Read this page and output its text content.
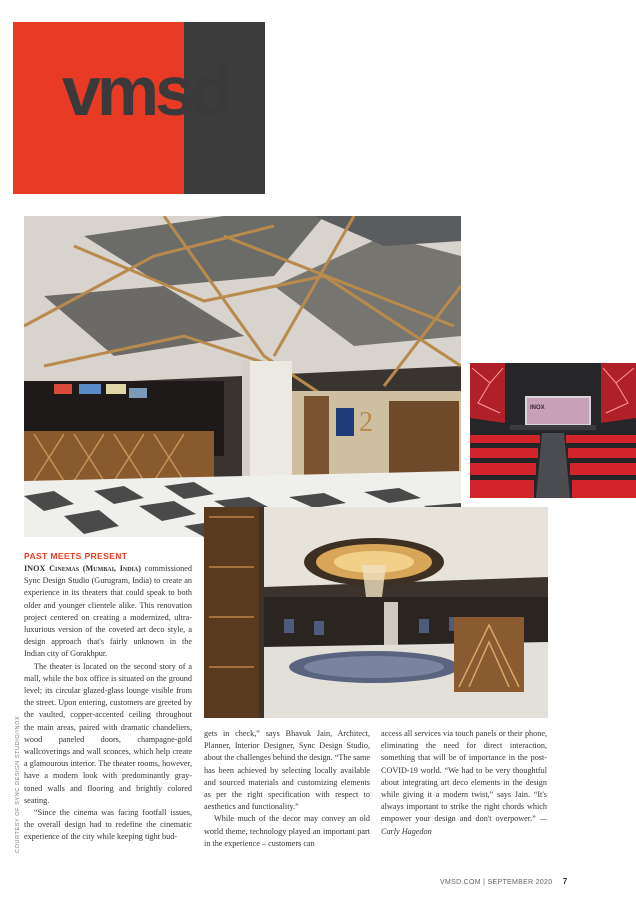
vmsd
2	INOX
COURTESY OF SYNC DESIGN STUDIO/INOX
PAST MEETS PRESENT

INOX Cinemas (Mumbai, India) commissioned Sync Design Studio (Gurugram, India) to create an experience in its theaters that could speak to both older and younger clientele alike. This renovation project centered on creating a modernized, ultra-luxurious version of the coveted art deco style, a design approach that's fairly unknown in the Indian city of Gorakhpur.

The theater is located on the second story of a mall, while the box office is situated on the ground level; its circular glazed-glass lounge visible from the street. Upon entering, customers are greeted by the vaulted, copper-accented ceiling throughout the main areas, paired with dramatic chandeliers, wood paneled doors, champagne-gold wallcoverings and wall sconces, which help create a glamourous interior. The theater rooms, however, have a modern look with predominantly gray-toned walls and flooring and brightly colored seating.

“Since the cinema was facing footfall issues, the overall design had to redefine the cinematic experience of the city while keeping tight bud-

gets in check,” says Bhavuk Jain, Architect, Planner, Interior Designer, Sync Design Studio, about the challenges behind the design. “The same has been achieved by selecting locally available and sourced materials and customizing elements as per the right specification with respect to aesthetics and functionality.”

While much of the decor may convey an old world theme, technology played an important part in the experience – customers can

access all services via touch panels or their phone, eliminating the need for direct interaction, something that will be of importance in the post-COVID-19 world. “We had to be very thoughtful about integrating art deco elements in the design while giving it a modern twist,” says Jain. “It's always important to strike the right chords which empower your design and don't overpower.” —Carly Hagedon

VMSD.COM | SEPTEMBER 2020 7
